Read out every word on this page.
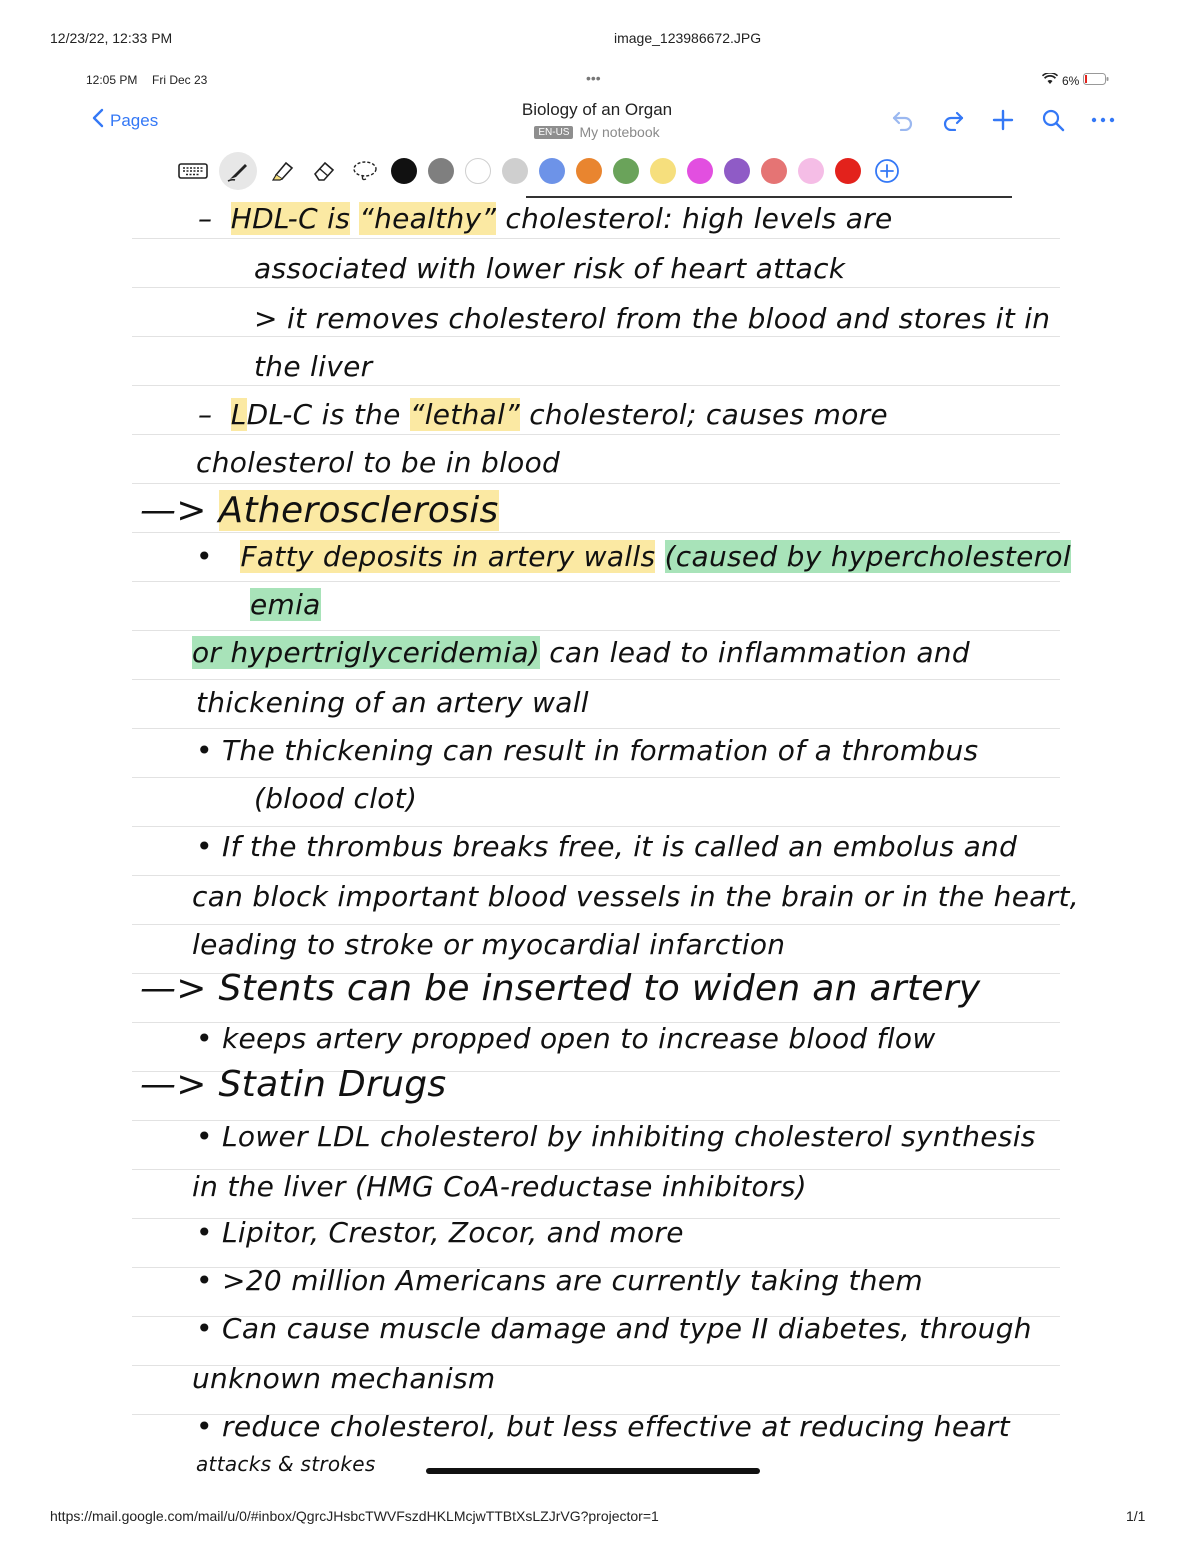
12/23/22, 12:33 PM	image_123986672.JPG
12:05 PM Fri Dec 23	•••	6%
Pages
Biology of an Organ
EN-US My notebook
– HDL-C is “healthy” cholesterol: high levels are
associated with lower risk of heart attack
> it removes cholesterol from the blood and stores it in
the liver
– LDL-C is the “lethal” cholesterol; causes more
cholesterol to be in blood
—> Atherosclerosis
• Fatty deposits in artery walls (caused by hypercholesterol
emia
or hypertriglyceridemia) can lead to inflammation and
thickening of an artery wall
• The thickening can result in formation of a thrombus
(blood clot)
• If the thrombus breaks free, it is called an embolus and
can block important blood vessels in the brain or in the heart,
leading to stroke or myocardial infarction
—> Stents can be inserted to widen an artery
• keeps artery propped open to increase blood flow
—> Statin Drugs
• Lower LDL cholesterol by inhibiting cholesterol synthesis
in the liver (HMG CoA-reductase inhibitors)
• Lipitor, Crestor, Zocor, and more
• >20 million Americans are currently taking them
• Can cause muscle damage and type II diabetes, through
unknown mechanism
• reduce cholesterol, but less effective at reducing heart
attacks & strokes
https://mail.google.com/mail/u/0/#inbox/QgrcJHsbcTWVFszdHKLMcjwTTBtXsLZJrVG?projector=1	1/1
